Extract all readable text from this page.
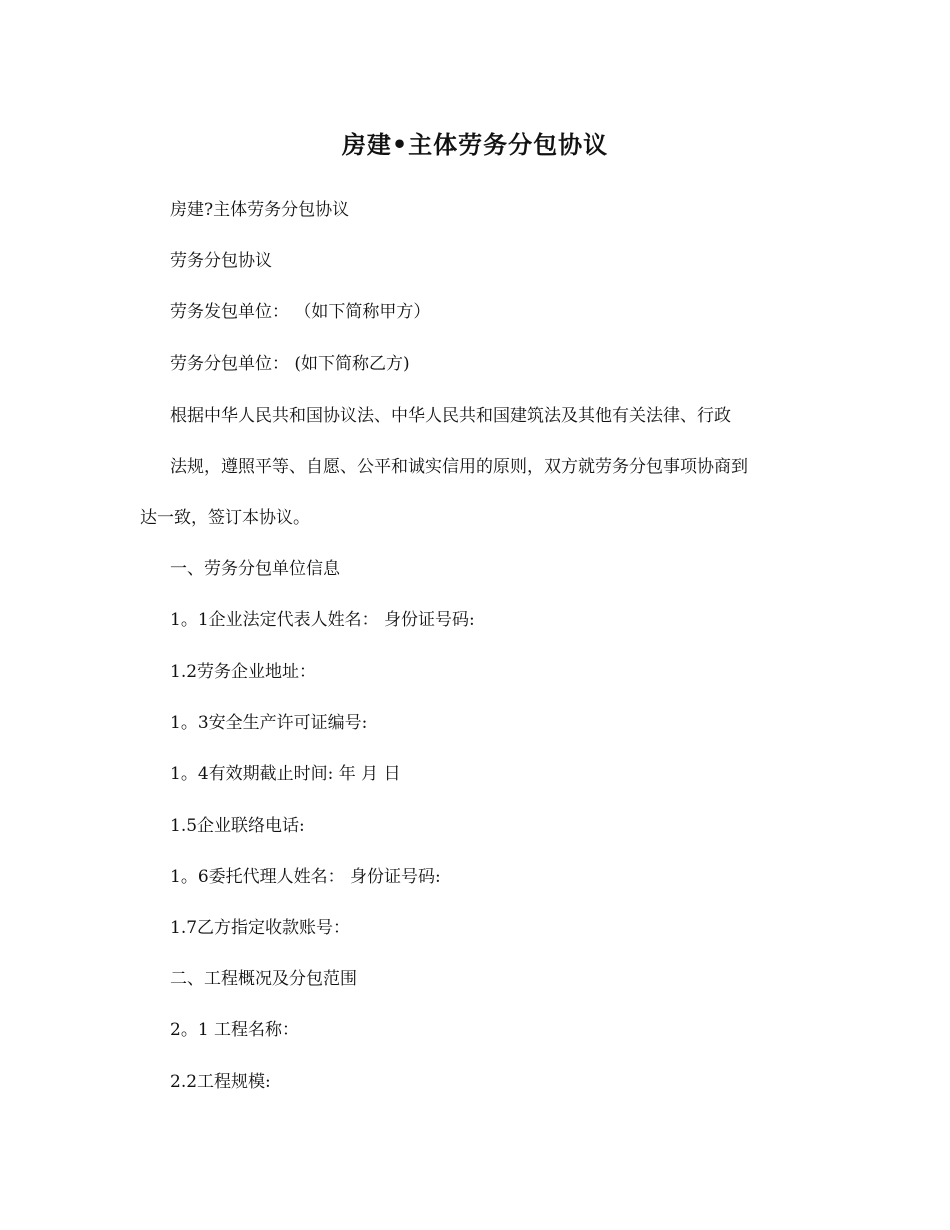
房建•主体劳务分包协议
房建?主体劳务分包协议
劳务分包协议
劳务发包单位： （如下简称甲方）
劳务分包单位： (如下简称乙方)
根据中华人民共和国协议法、中华人民共和国建筑法及其他有关法律、行政
法规，遵照平等、自愿、公平和诚实信用的原则，双方就劳务分包事项协商到
达一致，签订本协议。
一、劳务分包单位信息
1。1企业法定代表人姓名： 身份证号码:
1.2劳务企业地址：
1。3安全生产许可证编号:
1。4有效期截止时间: 年 月 日
1.5企业联络电话:
1。6委托代理人姓名： 身份证号码:
1.7乙方指定收款账号：
二、工程概况及分包范围
2。1 工程名称：
2.2工程规模:
